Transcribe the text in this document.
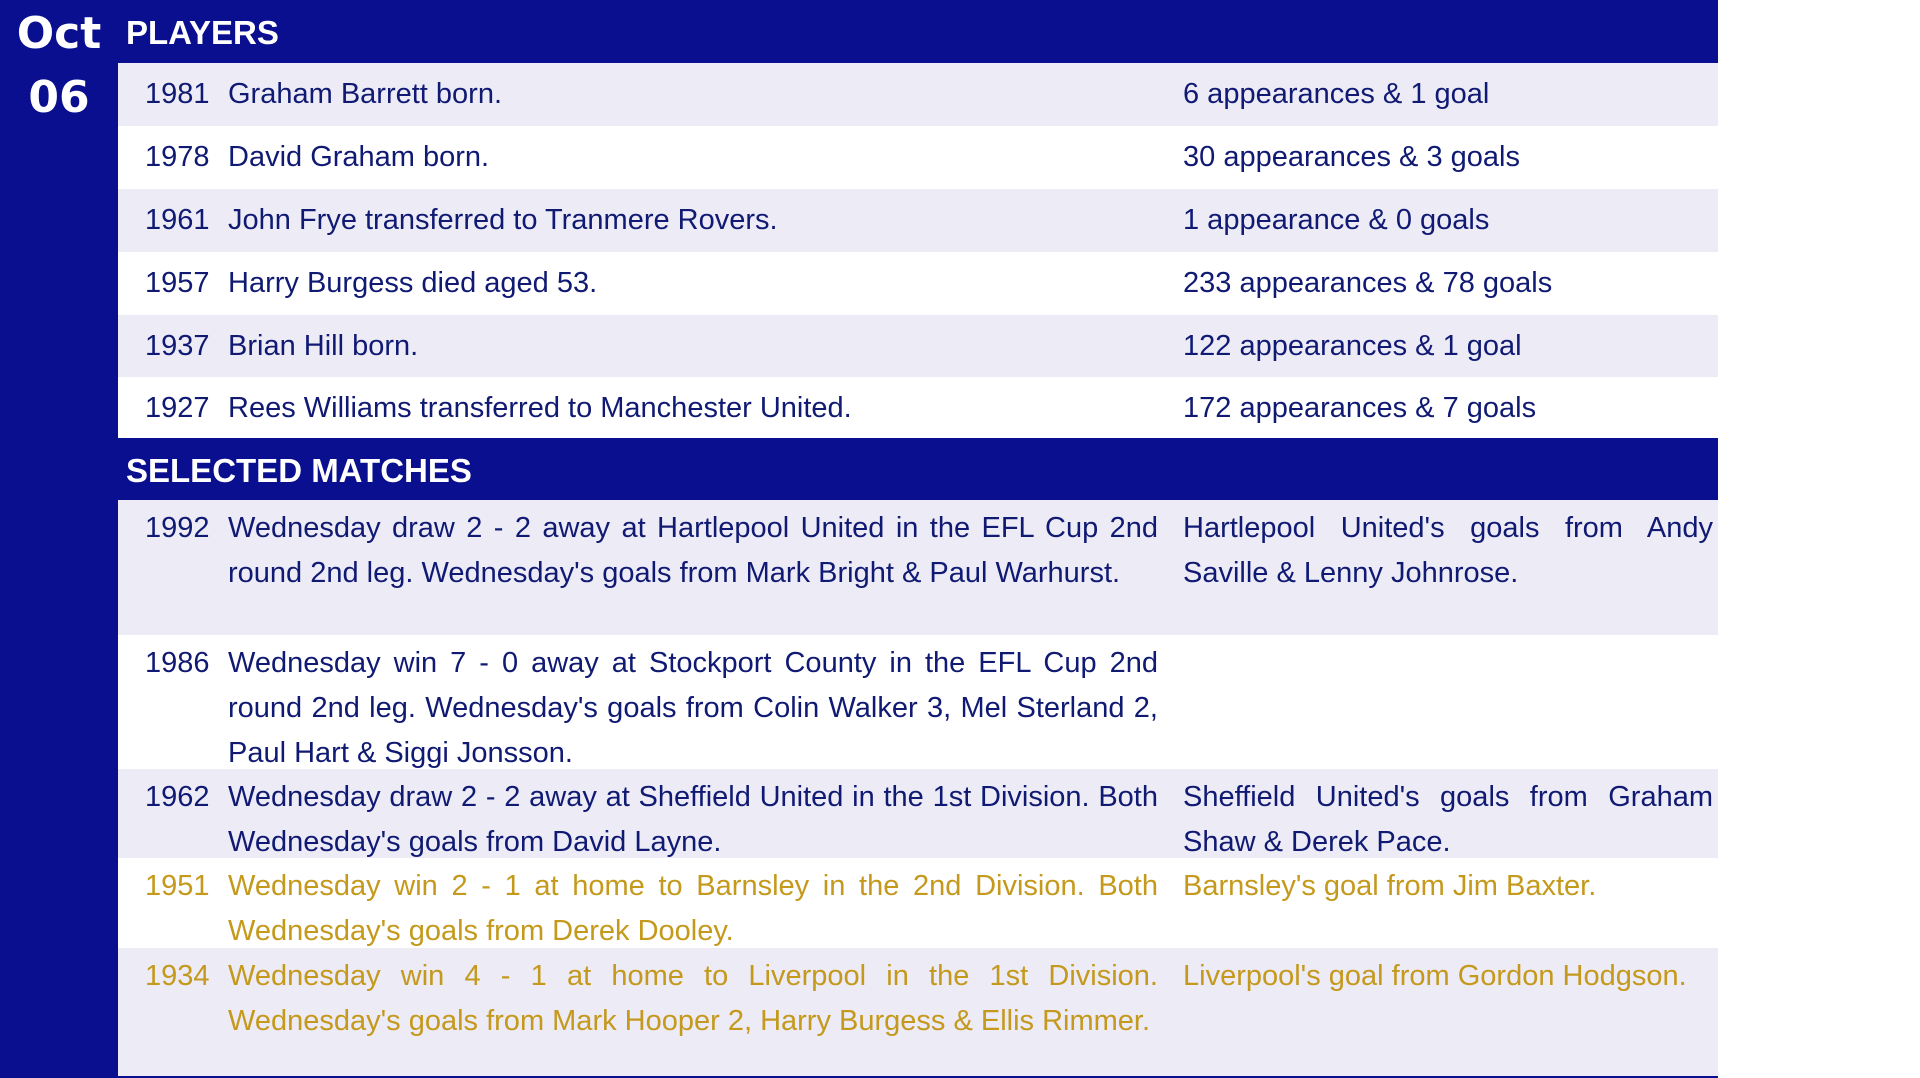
Oct
06
PLAYERS
1981 Graham Barrett born.	6 appearances & 1 goal
1978 David Graham born.	30 appearances & 3 goals
1961 John Frye transferred to Tranmere Rovers.	1 appearance & 0 goals
1957 Harry Burgess died aged 53.	233 appearances & 78 goals
1937 Brian Hill born.	122 appearances & 1 goal
1927 Rees Williams transferred to Manchester United.	172 appearances & 7 goals
SELECTED MATCHES
1992 Wednesday draw 2 - 2 away at Hartlepool United in the EFL Cup 2nd round 2nd leg. Wednesday's goals from Mark Bright & Paul Warhurst.
Hartlepool United's goals from Andy Saville & Lenny Johnrose.
1986 Wednesday win 7 - 0 away at Stockport County in the EFL Cup 2nd round 2nd leg. Wednesday's goals from Colin Walker 3, Mel Sterland 2, Paul Hart & Siggi Jonsson.
1962 Wednesday draw 2 - 2 away at Sheffield United in the 1st Division. Both Wednesday's goals from David Layne.
Sheffield United's goals from Graham Shaw & Derek Pace.
1951 Wednesday win 2 - 1 at home to Barnsley in the 2nd Division. Both Wednesday's goals from Derek Dooley.
Barnsley's goal from Jim Baxter.
1934 Wednesday win 4 - 1 at home to Liverpool in the 1st Division. Wednesday's goals from Mark Hooper 2, Harry Burgess & Ellis Rimmer.
Liverpool's goal from Gordon Hodgson.
